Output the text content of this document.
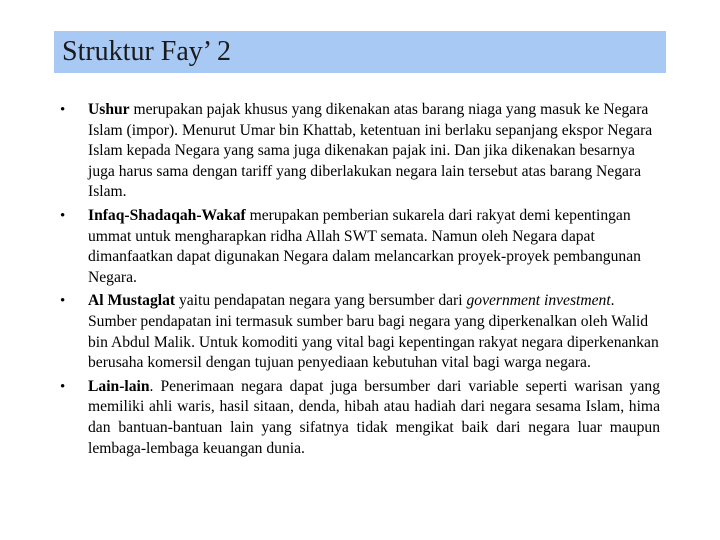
Struktur Fay’ 2
• Ushur merupakan pajak khusus yang dikenakan atas barang niaga yang masuk ke Negara Islam (impor). Menurut Umar bin Khattab, ketentuan ini berlaku sepanjang ekspor Negara Islam kepada Negara yang sama juga dikenakan pajak ini. Dan jika dikenakan besarnya juga harus sama dengan tariff yang diberlakukan negara lain tersebut atas barang Negara Islam.
• Infaq-Shadaqah-Wakaf merupakan pemberian sukarela dari rakyat demi kepentingan ummat untuk mengharapkan ridha Allah SWT semata. Namun oleh Negara dapat dimanfaatkan dapat digunakan Negara dalam melancarkan proyek-proyek pembangunan Negara.
• Al Mustaglat yaitu pendapatan negara yang bersumber dari government investment. Sumber pendapatan ini termasuk sumber baru bagi negara yang diperkenalkan oleh Walid bin Abdul Malik. Untuk komoditi yang vital bagi kepentingan rakyat negara diperkenankan berusaha komersil dengan tujuan penyediaan kebutuhan vital bagi warga negara.
• Lain-lain. Penerimaan negara dapat juga bersumber dari variable seperti warisan yang memiliki ahli waris, hasil sitaan, denda, hibah atau hadiah dari negara sesama Islam, hima dan bantuan-bantuan lain yang sifatnya tidak mengikat baik dari negara luar maupun lembaga-lembaga keuangan dunia.
